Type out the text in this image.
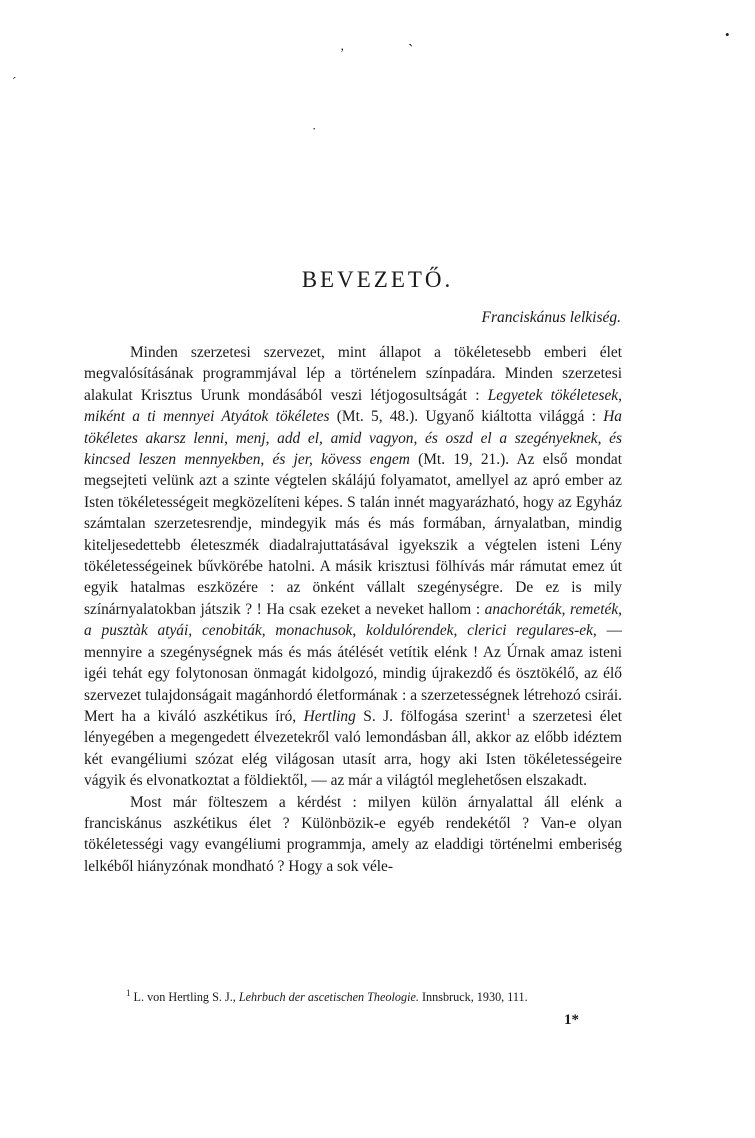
ʼ	`
•
ˊ
·
BEVEZETŐ.
Franciskánus lelkiség.

Minden szerzetesi szervezet, mint állapot a tökéletesebb emberi élet megvalósításának programmjával lép a történelem színpadára. Minden szerzetesi alakulat Krisztus Urunk mondásából veszi létjogosultságát : Legyetek tökéletesek, miként a ti mennyei Atyátok tökéletes (Mt. 5, 48.). Ugyanő kiáltotta világgá : Ha tökéletes akarsz lenni, menj, add el, amid vagyon, és oszd el a szegényeknek, és kincsed leszen mennyekben, és jer, kövess engem (Mt. 19, 21.). Az első mondat megsejteti velünk azt a szinte végtelen skálájú folyamatot, amellyel az apró ember az Isten tökéletességeit megközelíteni képes. S talán innét magyarázható, hogy az Egyház számtalan szerzetesrendje, mindegyik más és más formában, árnyalatban, mindig kiteljesedettebb életeszmék diadalrajuttatásával igyekszik a végtelen isteni Lény tökéletességeinek bűvkörébe hatolni. A másik krisztusi fölhívás már rámutat emez út egyik hatalmas eszközére : az önként vállalt szegénységre. De ez is mily színárnyalatokban játszik ? ! Ha csak ezeket a neveket hallom : anachoréták, remeték, a pusztàk atyái, cenobiták, monachusok, koldulórendek, clerici regulares-ek, — mennyire a szegénységnek más és más átélését vetítik elénk ! Az Úrnak amaz isteni igéi tehát egy folytonosan önmagát kidolgozó, mindig újrakezdő és ösztökélő, az élő szervezet tulajdonságait magánhordó életformának : a szerzetességnek létrehozó csirái. Mert ha a kiváló aszkétikus író, Hertling S. J. fölfogása szerint$^1$ a szerzetesi élet lényegében a megengedett élvezetekről való lemondásban áll, akkor az előbb idéztem két evangéliumi szózat elég világosan utasít arra, hogy aki Isten tökéletességeire vágyik és elvonatkoztat a földiektől, — az már a világtól meglehetősen elszakadt.

Most már fölteszem a kérdést : milyen külön árnyalattal áll elénk a franciskánus aszkétikus élet ? Különbözik-e egyéb rendekétől ? Van-e olyan tökéletességi vagy evangéliumi programmja, amely az eladdigi történelmi emberiség lelkéből hiányzónak mondható ? Hogy a sok véle-

$^1$ L. von Hertling S. J., Lehrbuch der ascetischen Theologie. Innsbruck, 1930, 111.
1*
